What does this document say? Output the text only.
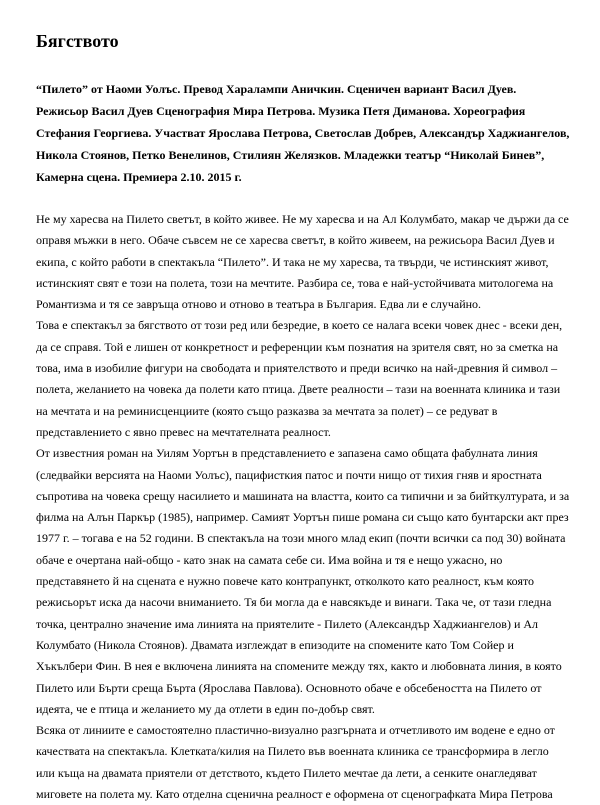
Бягството
“Пилето” от Наоми Уолъс. Превод Харалампи Аничкин. Сценичен вариант Васил Дуев. Режисьор Васил Дуев Сценография Мира Петрова. Музика Петя Диманова. Хореография Стефания Георгиева. Участват Ярослава Петрова, Светослав Добрев, Александър Хаджиангелов, Никола Стоянов, Петко Венелинов, Стилиян Желязков. Младежки театър “Николай Бинев”, Камерна сцена. Премиера 2.10. 2015 г.

Не му харесва на Пилето светът, в който живее. Не му харесва и на Ал Колумбато, макар че държи да се оправя мъжки в него. Обаче съвсем не се харесва светът, в който живеем, на режисьора Васил Дуев и екипа, с който работи в спектакъла “Пилето”. И така не му харесва, та твърди, че истинският живот, истинският свят е този на полета, този на мечтите. Разбира се, това е най-устойчивата митологема на Романтизма и тя се завръща отново и отново в театъра в България. Едва ли е случайно.

Това е спектакъл за бягството от този ред или безредие, в което се налага всеки човек днес - всеки ден, да се справя. Той е лишен от конкретност и референции към познатия на зрителя свят, но за сметка на това, има в изобилие фигури на свободата и приятелството и преди всичко на най-древния й символ – полета, желанието на човека да полети като птица. Двете реалности – тази на военната клиника и тази на мечтата и на реминисценциите (която също разказва за мечтата за полет) – се редуват в представлението с явно превес на мечтателната реалност.

От известния роман на Уилям Уортън в представлението е запазена само общата фабулната линия (следвайки версията на Наоми Уолъс), пацифисткия патос и почти нищо от тихия гняв и яростната съпротива на човека срещу насилието и машината на властта, които са типични и за бийткултурата, и за филма на Алън Паркър (1985), например. Самият Уортън пише романа си също като бунтарски акт през 1977 г. – тогава е на 52 години. В спектакъла на този много млад екип (почти всички са под 30) войната обаче е очертана най-общо - като знак на самата себе си. Има война и тя е нещо ужасно, но представянето й на сцената е нужно повече като контрапункт, отколкото като реалност, към която режисьорът иска да насочи вниманието. Тя би могла да е навсякъде и винаги. Така че, от тази гледна точка, централно значение има линията на приятелите - Пилето (Александър Хаджиангелов) и Ал Колумбато (Никола Стоянов). Двамата изглеждат в епизодите на спомените като Том Сойер и Хъкълбери Фин. В нея е включена линията на спомените между тях, както и любовната линия, в която Пилето или Бърти среща Бърта (Ярослава Павлова). Основното обаче е обсебеността на Пилето от идеята, че е птица и желанието му да отлети в един по-добър свят.

Всяка от линиите е самостоятелно пластично-визуално разгърната и отчетливото им водене е едно от качествата на спектакъла. Клетката/килия на Пилето във военната клиника се трансформира в легло или къща на двамата приятели от детството, където Пилето мечтае да лети, а сенките онагледяват миговете на полета му. Като отделна сценична реалност е оформена от сценографката Мира Петрова
